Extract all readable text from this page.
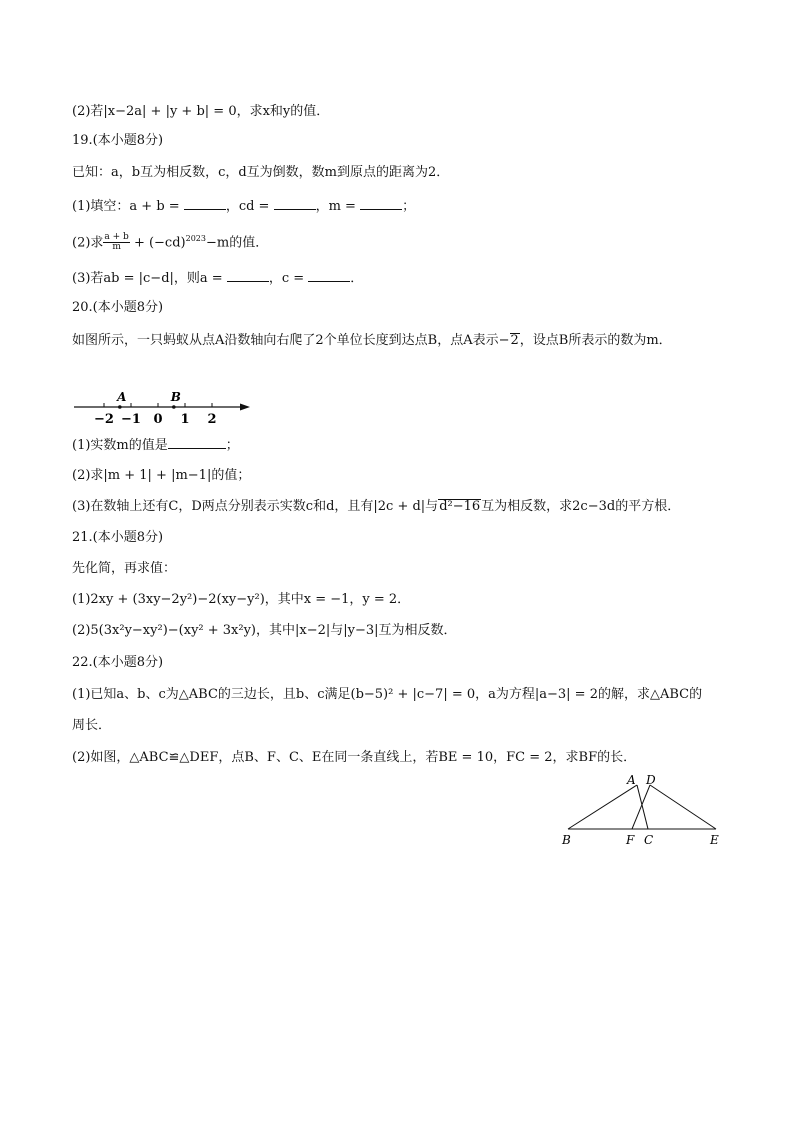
(2)若|x−2a| + |y + b| = 0，求x和y的值．
19.(本小题8分)
已知：a，b互为相反数，c，d互为倒数，数m到原点的距离为2．
(1)填空：a + b =	，cd =	，m =	；
(2)求 $\frac{a + b}{m} + (-cd)^{2023}-m$的值．
(3)若ab = |c−d|，则a =	，c =	．
20.(本小题8分)
如图所示，一只蚂蚁从点A沿数轴向右爬了2个单位长度到达点B，点A表示−2，设点B所表示的数为m．
−2 −1 0 1 2
A	B
(1)实数m的值是	；
(2)求|m + 1| + |m−1|的值；
(3)在数轴上还有C，D两点分别表示实数c和d，且有|2c + d|与d²−16互为相反数，求2c−3d的平方根．
21.(本小题8分)
先化简，再求值：
(1)2xy + (3xy−2y²)−2(xy−y²)，其中x = −1，y = 2．
(2)5(3x²y−xy²)−(xy² + 3x²y)，其中|x−2|与|y−3|互为相反数．
22.(本小题8分)
(1)已知a、b、c为△ABC的三边长，且b、c满足(b−5)² + |c−7| = 0，a为方程|a−3| = 2的解，求△ABC的
周长．
(2)如图，△ABC≌△DEF，点B、F、C、E在同一条直线上，若BE = 10，FC = 2，求BF的长．
A D
B	F C	E
